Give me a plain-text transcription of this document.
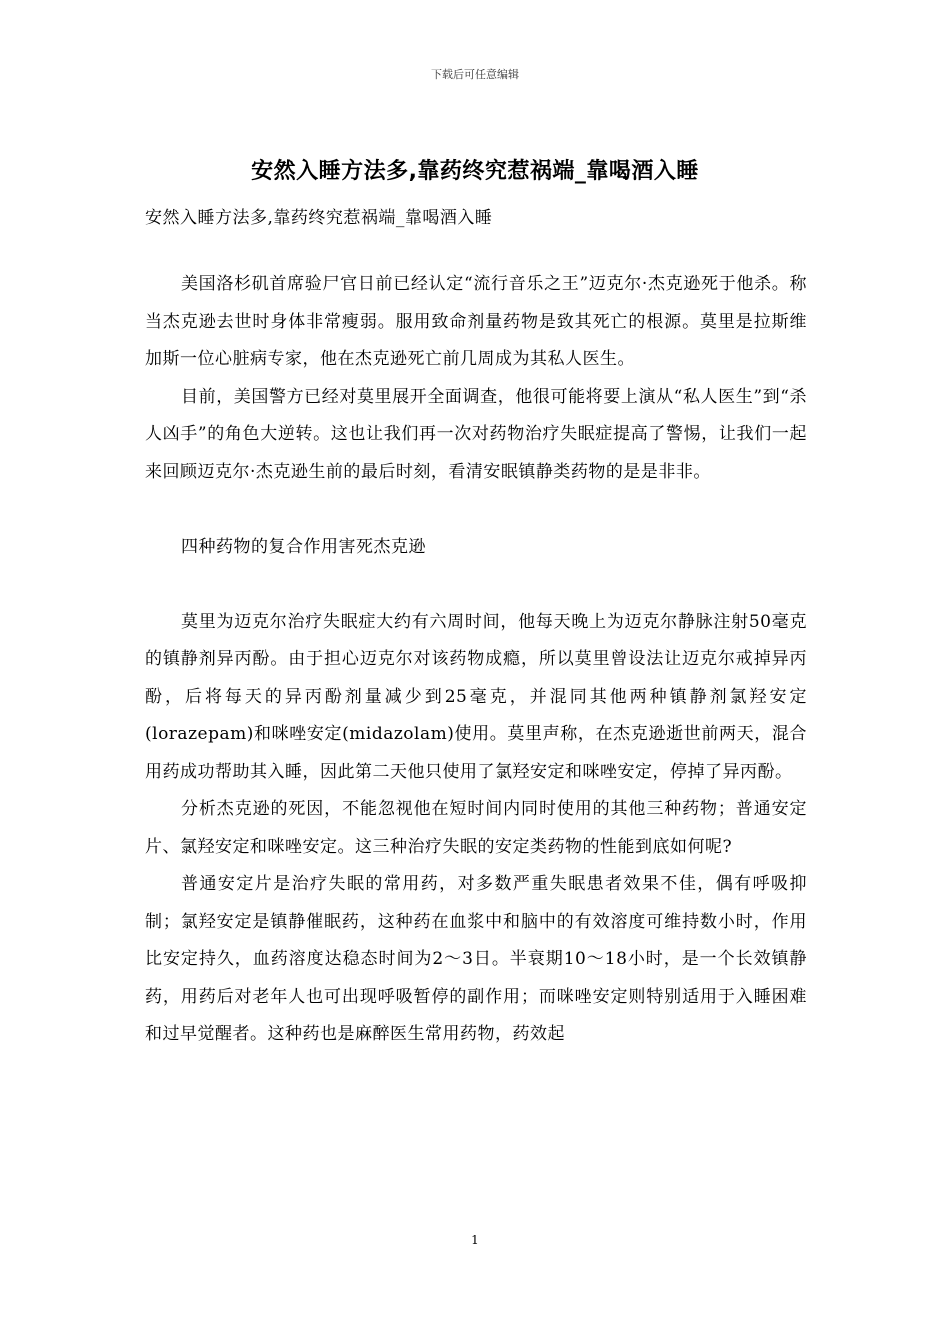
下载后可任意编辑
安然入睡方法多,靠药终究惹祸端_靠喝酒入睡
安然入睡方法多,靠药终究惹祸端_靠喝酒入睡

美国洛杉矶首席验尸官日前已经认定“流行音乐之王”迈克尔·杰克逊死于他杀。称当杰克逊去世时身体非常瘦弱。服用致命剂量药物是致其死亡的根源。莫里是拉斯维加斯一位心脏病专家，他在杰克逊死亡前几周成为其私人医生。

目前，美国警方已经对莫里展开全面调查，他很可能将要上演从“私人医生”到“杀人凶手”的角色大逆转。这也让我们再一次对药物治疗失眠症提高了警惕，让我们一起来回顾迈克尔·杰克逊生前的最后时刻，看清安眠镇静类药物的是是非非。

四种药物的复合作用害死杰克逊

莫里为迈克尔治疗失眠症大约有六周时间，他每天晚上为迈克尔静脉注射50毫克的镇静剂异丙酚。由于担心迈克尔对该药物成瘾，所以莫里曾设法让迈克尔戒掉异丙酚，后将每天的异丙酚剂量减少到25毫克，并混同其他两种镇静剂氯羟安定(lorazepam)和咪唑安定(midazolam)使用。莫里声称，在杰克逊逝世前两天，混合用药成功帮助其入睡，因此第二天他只使用了氯羟安定和咪唑安定，停掉了异丙酚。

分析杰克逊的死因，不能忽视他在短时间内同时使用的其他三种药物；普通安定片、氯羟安定和咪唑安定。这三种治疗失眠的安定类药物的性能到底如何呢?

普通安定片是治疗失眠的常用药，对多数严重失眠患者效果不佳，偶有呼吸抑制；氯羟安定是镇静催眠药，这种药在血浆中和脑中的有效溶度可维持数小时，作用比安定持久，血药溶度达稳态时间为2～3日。半衰期10～18小时，是一个长效镇静药，用药后对老年人也可出现呼吸暂停的副作用；而咪唑安定则特别适用于入睡困难和过早觉醒者。这种药也是麻醉医生常用药物，药效起

1
